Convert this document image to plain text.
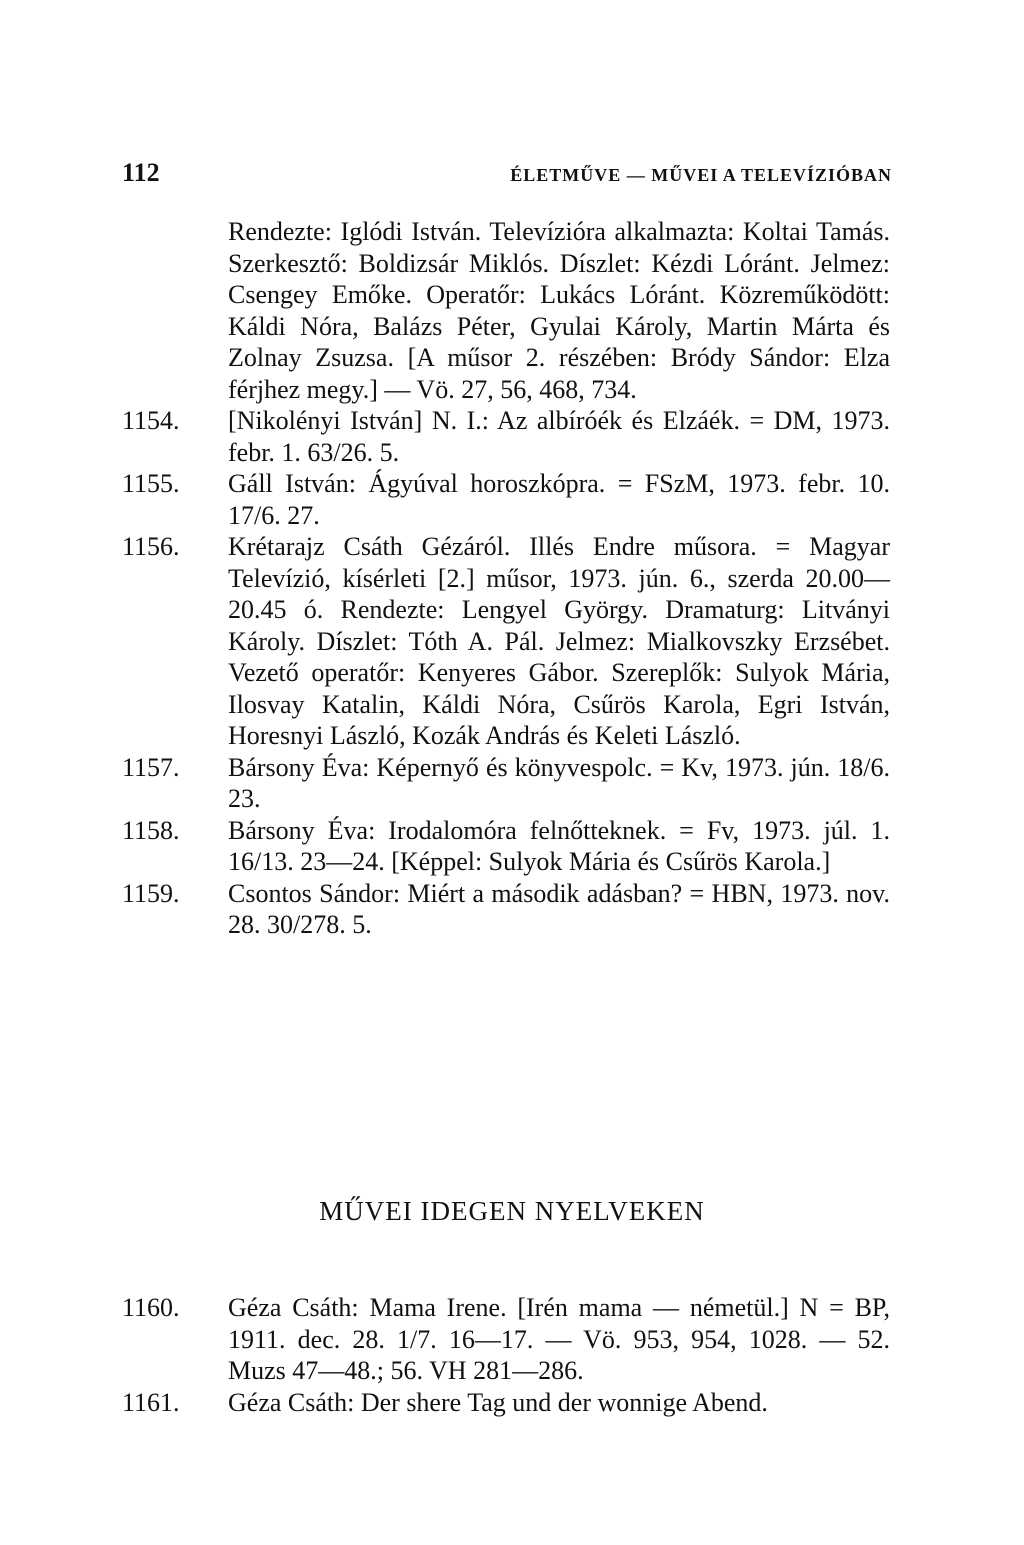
112	ÉLETMŰVE — MŰVEI A TELEVÍZIÓBAN
Rendezte: Iglódi István. Televízióra alkalmazta: Koltai Tamás. Szerkesztő: Boldizsár Miklós. Díszlet: Kézdi Lóránt. Jelmez: Csengey Emőke. Operatőr: Lukács Lóránt. Közreműködött: Káldi Nóra, Balázs Péter, Gyulai Károly, Martin Márta és Zolnay Zsuzsa. [A műsor 2. részében: Bródy Sándor: Elza férjhez megy.] — Vö. 27, 56, 468, 734.
1154.	[Nikolényi István] N. I.: Az albíróék és Elzáék. = DM, 1973. febr. 1. 63/26. 5.
1155.	Gáll István: Ágyúval horoszkópra. = FSzM, 1973. febr. 10. 17/6. 27.
1156.	Krétarajz Csáth Gézáról. Illés Endre műsora. = Magyar Televízió, kísérleti [2.] műsor, 1973. jún. 6., szerda 20.00—20.45 ó. Rendezte: Lengyel György. Dramaturg: Litványi Károly. Díszlet: Tóth A. Pál. Jelmez: Mialkovszky Erzsébet. Vezető operatőr: Kenyeres Gábor. Szereplők: Sulyok Mária, Ilosvay Katalin, Káldi Nóra, Csűrös Karola, Egri István, Horesnyi László, Kozák András és Keleti László.
1157.	Bársony Éva: Képernyő és könyvespolc. = Kv, 1973. jún. 18/6. 23.
1158.	Bársony Éva: Irodalomóra felnőtteknek. = Fv, 1973. júl. 1. 16/13. 23—24. [Képpel: Sulyok Mária és Csűrös Karola.]
1159.	Csontos Sándor: Miért a második adásban? = HBN, 1973. nov. 28. 30/278. 5.
MŰVEI IDEGEN NYELVEKEN
1160.	Géza Csáth: Mama Irene. [Irén mama — németül.] N = BP, 1911. dec. 28. 1/7. 16—17. — Vö. 953, 954, 1028. — 52. Muzs 47—48.; 56. VH 281—286.
1161.	Géza Csáth: Der shere Tag und der wonnige Abend.
